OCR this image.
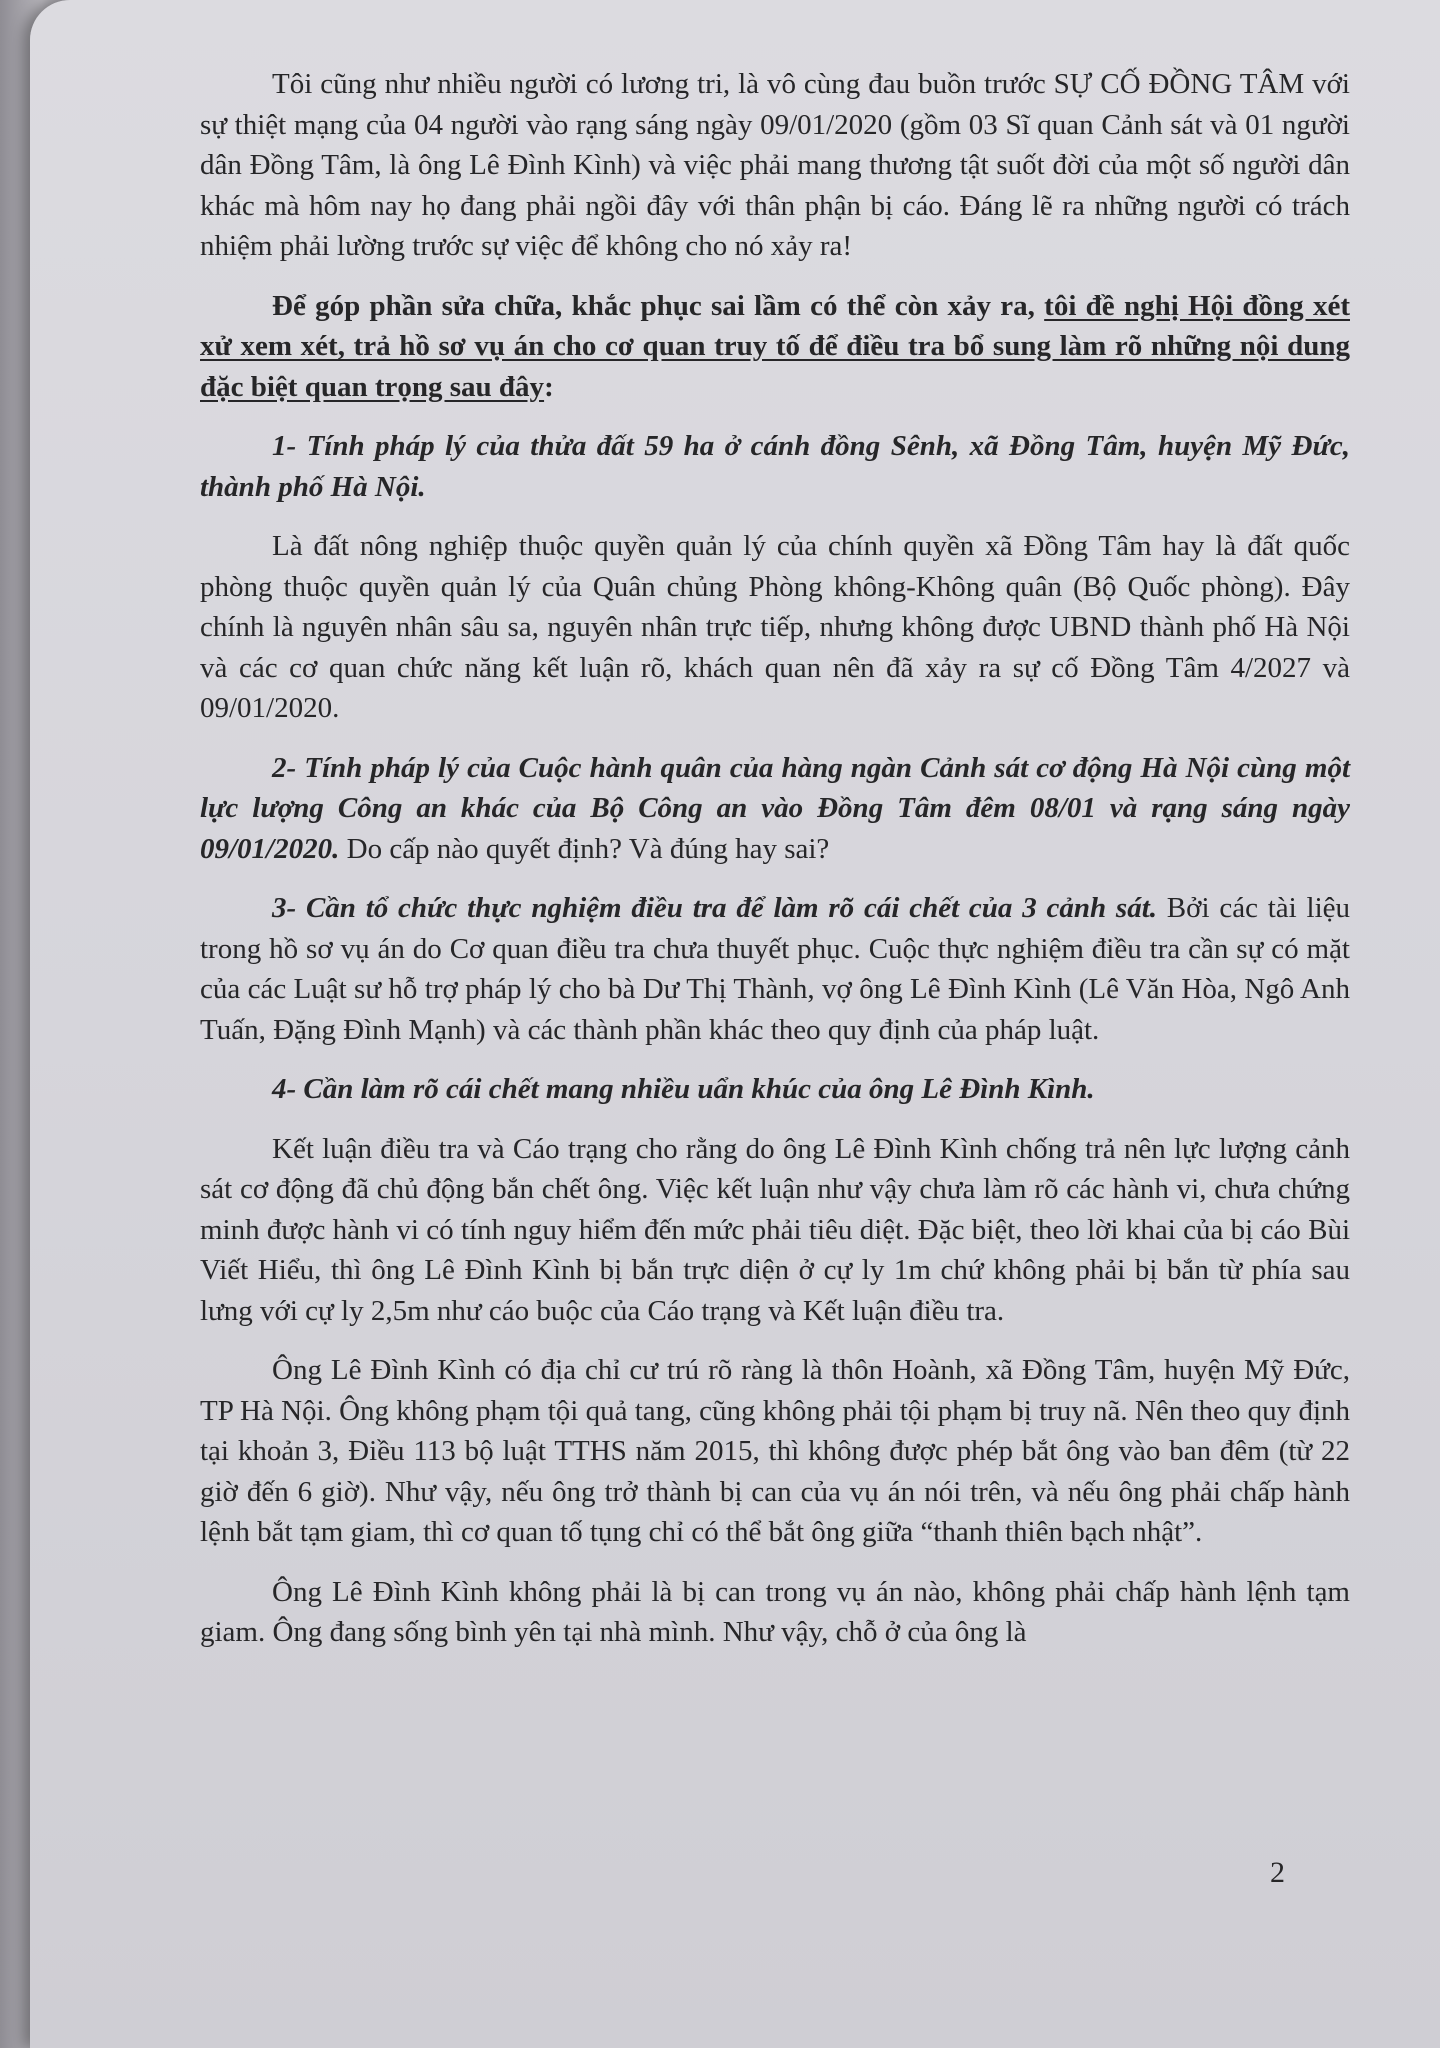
Tôi cũng như nhiều người có lương tri, là vô cùng đau buồn trước SỰ CỐ ĐỒNG TÂM với sự thiệt mạng của 04 người vào rạng sáng ngày 09/01/2020 (gồm 03 Sĩ quan Cảnh sát và 01 người dân Đồng Tâm, là ông Lê Đình Kình) và việc phải mang thương tật suốt đời của một số người dân khác mà hôm nay họ đang phải ngồi đây với thân phận bị cáo. Đáng lẽ ra những người có trách nhiệm phải lường trước sự việc để không cho nó xảy ra!

Để góp phần sửa chữa, khắc phục sai lầm có thể còn xảy ra, tôi đề nghị Hội đồng xét xử xem xét, trả hồ sơ vụ án cho cơ quan truy tố để điều tra bổ sung làm rõ những nội dung đặc biệt quan trọng sau đây:

1- Tính pháp lý của thửa đất 59 ha ở cánh đồng Sênh, xã Đồng Tâm, huyện Mỹ Đức, thành phố Hà Nội.

Là đất nông nghiệp thuộc quyền quản lý của chính quyền xã Đồng Tâm hay là đất quốc phòng thuộc quyền quản lý của Quân chủng Phòng không-Không quân (Bộ Quốc phòng). Đây chính là nguyên nhân sâu sa, nguyên nhân trực tiếp, nhưng không được UBND thành phố Hà Nội và các cơ quan chức năng kết luận rõ, khách quan nên đã xảy ra sự cố Đồng Tâm 4/2027 và 09/01/2020.

2- Tính pháp lý của Cuộc hành quân của hàng ngàn Cảnh sát cơ động Hà Nội cùng một lực lượng Công an khác của Bộ Công an vào Đồng Tâm đêm 08/01 và rạng sáng ngày 09/01/2020. Do cấp nào quyết định? Và đúng hay sai?

3- Cần tổ chức thực nghiệm điều tra để làm rõ cái chết của 3 cảnh sát. Bởi các tài liệu trong hồ sơ vụ án do Cơ quan điều tra chưa thuyết phục. Cuộc thực nghiệm điều tra cần sự có mặt của các Luật sư hỗ trợ pháp lý cho bà Dư Thị Thành, vợ ông Lê Đình Kình (Lê Văn Hòa, Ngô Anh Tuấn, Đặng Đình Mạnh) và các thành phần khác theo quy định của pháp luật.

4- Cần làm rõ cái chết mang nhiều uẩn khúc của ông Lê Đình Kình.

Kết luận điều tra và Cáo trạng cho rằng do ông Lê Đình Kình chống trả nên lực lượng cảnh sát cơ động đã chủ động bắn chết ông. Việc kết luận như vậy chưa làm rõ các hành vi, chưa chứng minh được hành vi có tính nguy hiểm đến mức phải tiêu diệt. Đặc biệt, theo lời khai của bị cáo Bùi Viết Hiểu, thì ông Lê Đình Kình bị bắn trực diện ở cự ly 1m chứ không phải bị bắn từ phía sau lưng với cự ly 2,5m như cáo buộc của Cáo trạng và Kết luận điều tra.

Ông Lê Đình Kình có địa chỉ cư trú rõ ràng là thôn Hoành, xã Đồng Tâm, huyện Mỹ Đức, TP Hà Nội. Ông không phạm tội quả tang, cũng không phải tội phạm bị truy nã. Nên theo quy định tại khoản 3, Điều 113 bộ luật TTHS năm 2015, thì không được phép bắt ông vào ban đêm (từ 22 giờ đến 6 giờ). Như vậy, nếu ông trở thành bị can của vụ án nói trên, và nếu ông phải chấp hành lệnh bắt tạm giam, thì cơ quan tố tụng chỉ có thể bắt ông giữa “thanh thiên bạch nhật”.

Ông Lê Đình Kình không phải là bị can trong vụ án nào, không phải chấp hành lệnh tạm giam. Ông đang sống bình yên tại nhà mình. Như vậy, chỗ ở của ông là

2
